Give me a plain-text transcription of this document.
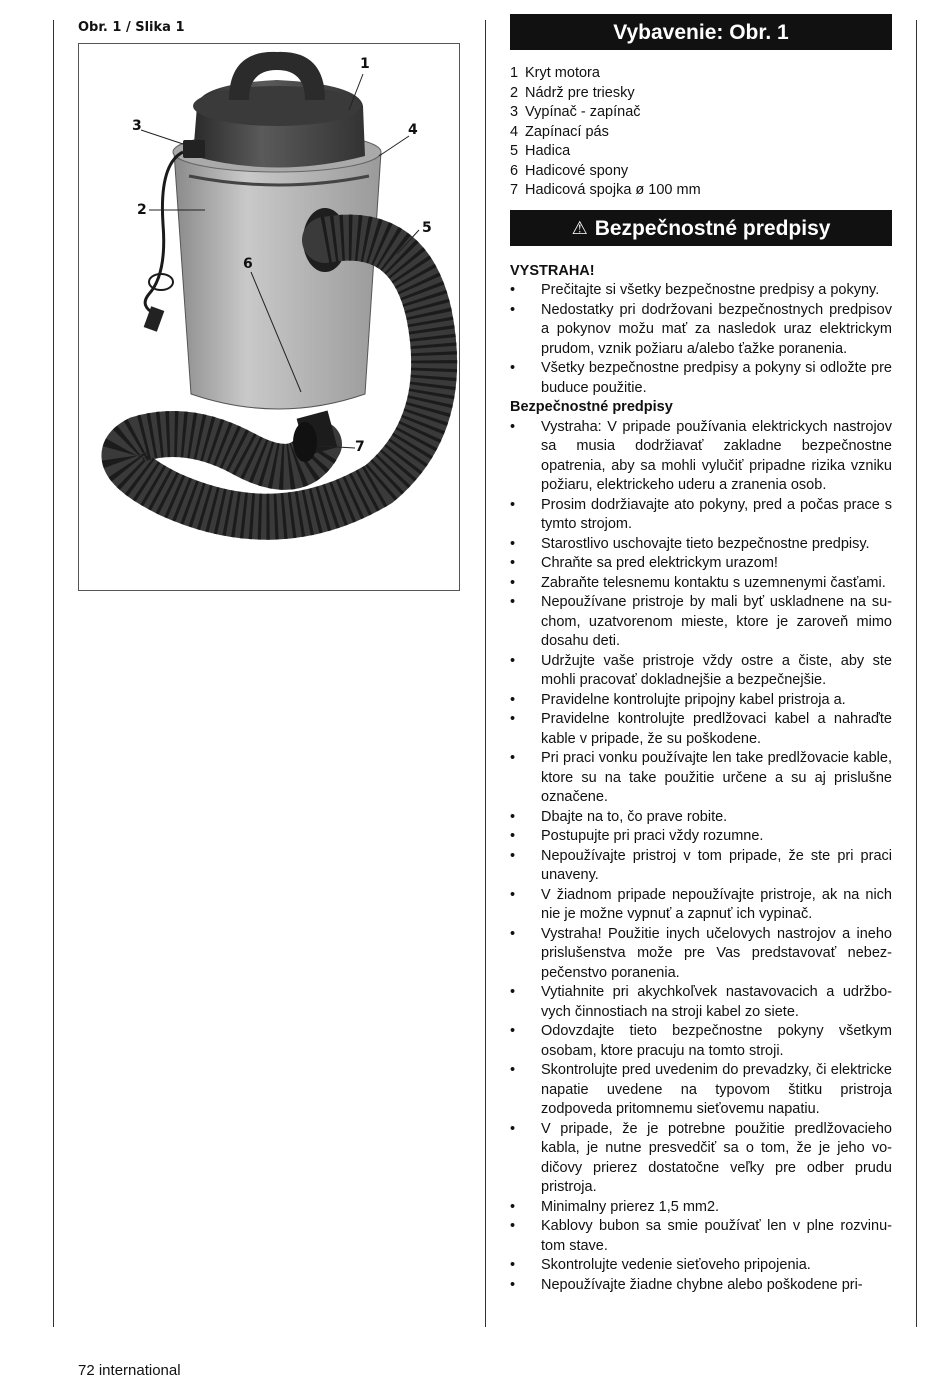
Obr. 1 / Slika 1
1
3	4
2
5
6
7
Vybavenie: Obr. 1
1 Kryt motora
2 Nádrž pre triesky
3 Vypínač - zapínač
4 Zapínací pás
5 Hadica
6 Hadicové spony
7 Hadicová spojka ø 100 mm
⚠ Bezpečnostné predpisy
VYSTRAHA!
• Prečitajte si všetky bezpečnostne predpisy a pokyny.
• Nedostatky pri dodržovani bezpečnostnych predpisov a pokynov možu mať za nasledok uraz elektrickym prudom, vznik požiaru a/alebo ťažke poranenia.
• Všetky bezpečnostne predpisy a pokyny si odložte pre buduce použitie.
Bezpečnostné predpisy
• Vystraha: V pripade používania elektrickych nastrojov sa musia dodržiavať zakladne bezpečnostne opatrenia, aby sa mohli vylučiť pripadne rizika vzniku požiaru, elektrickeho uderu a zranenia osob.
• Prosim dodržiavajte ato pokyny, pred a počas prace s tymto strojom.
• Starostlivo uschovajte tieto bezpečnostne predpisy.
• Chraňte sa pred elektrickym urazom!
• Zabraňte telesnemu kontaktu s uzemnenymi časťami.
• Nepoužívane pristroje by mali byť uskladnene na suchom, uzatvorenom mieste, ktore je zaroveň mimo dosahu deti.
• Udržujte vaše pristroje vždy ostre a čiste, aby ste mohli pracovať dokladnejšie a bezpečnejšie.
• Pravidelne kontrolujte pripojny kabel pristroja a.
• Pravidelne kontrolujte predlžovaci kabel a nahraďte kable v pripade, že su poškodene.
• Pri praci vonku používajte len take predlžovacie kable, ktore su na take použitie určene a su aj prislušne označene.
• Dbajte na to, čo prave robite.
• Postupujte pri praci vždy rozumne.
• Nepoužívajte pristroj v tom pripade, že ste pri praci unaveny.
• V žiadnom pripade nepoužívajte pristroje, ak na nich nie je možne vypnuť a zapnuť ich vypinač.
• Vystraha! Použitie inych učelovych nastrojov a ineho prislušenstva može pre Vas predstavovať nebezpečenstvo poranenia.
• Vytiahnite pri akychkoľvek nastavovacich a udržbovych činnostiach na stroji kabel zo siete.
• Odovzdajte tieto bezpečnostne pokyny všetkym osobam, ktore pracuju na tomto stroji.
• Skontrolujte pred uvedenim do prevadzky, či elektricke napatie uvedene na typovom štitku pristroja zodpoveda pritomnemu sieťovemu napatiu.
• V pripade, že je potrebne použitie predlžovacieho kabla, je nutne presvedčiť sa o tom, že je jeho vodičovy prierez dostatočne veľky pre odber prudu pristroja.
• Minimalny prierez 1,5 mm2.
• Kablovy bubon sa smie používať len v plne rozvinutom stave.
• Skontrolujte vedenie sieťoveho pripojenia.
• Nepoužívajte žiadne chybne alebo poškodene pri-
72 international
